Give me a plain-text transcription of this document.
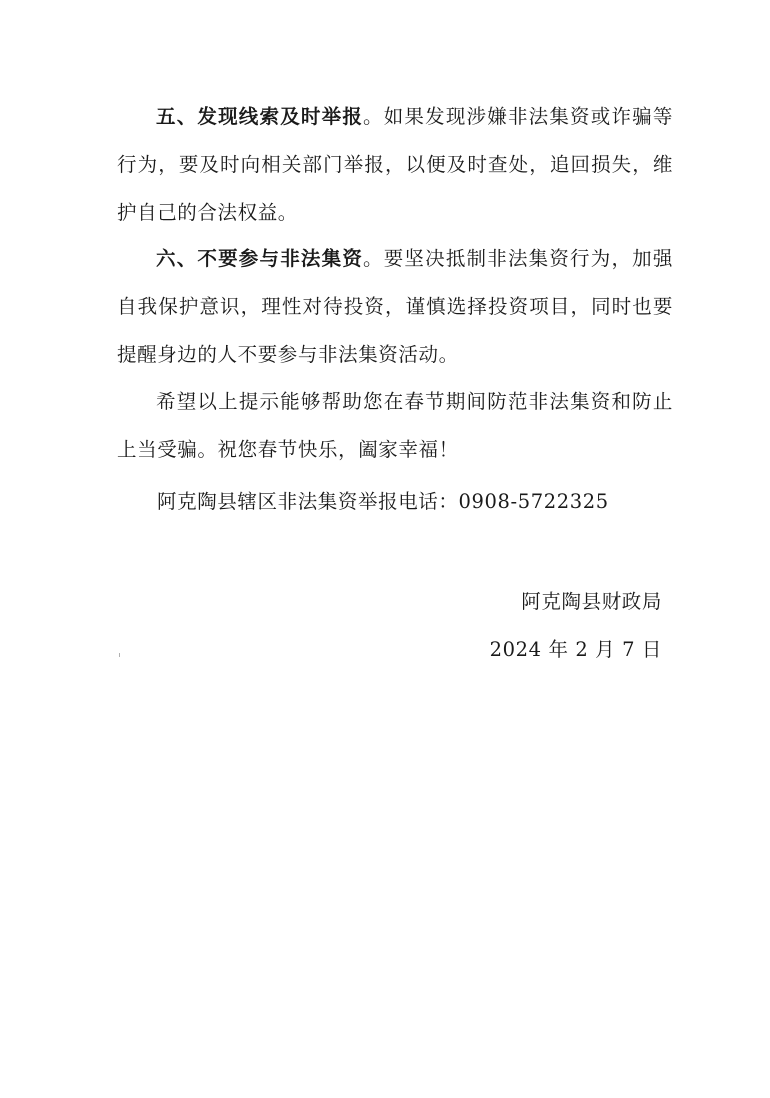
五、发现线索及时举报。如果发现涉嫌非法集资或诈骗等行为，要及时向相关部门举报，以便及时查处，追回损失，维护自己的合法权益。

六、不要参与非法集资。要坚决抵制非法集资行为，加强自我保护意识，理性对待投资，谨慎选择投资项目，同时也要提醒身边的人不要参与非法集资活动。

希望以上提示能够帮助您在春节期间防范非法集资和防止上当受骗。祝您春节快乐，阖家幸福！

阿克陶县辖区非法集资举报电话：0908-5722325

阿克陶县财政局
2024 年 2 月 7 日
